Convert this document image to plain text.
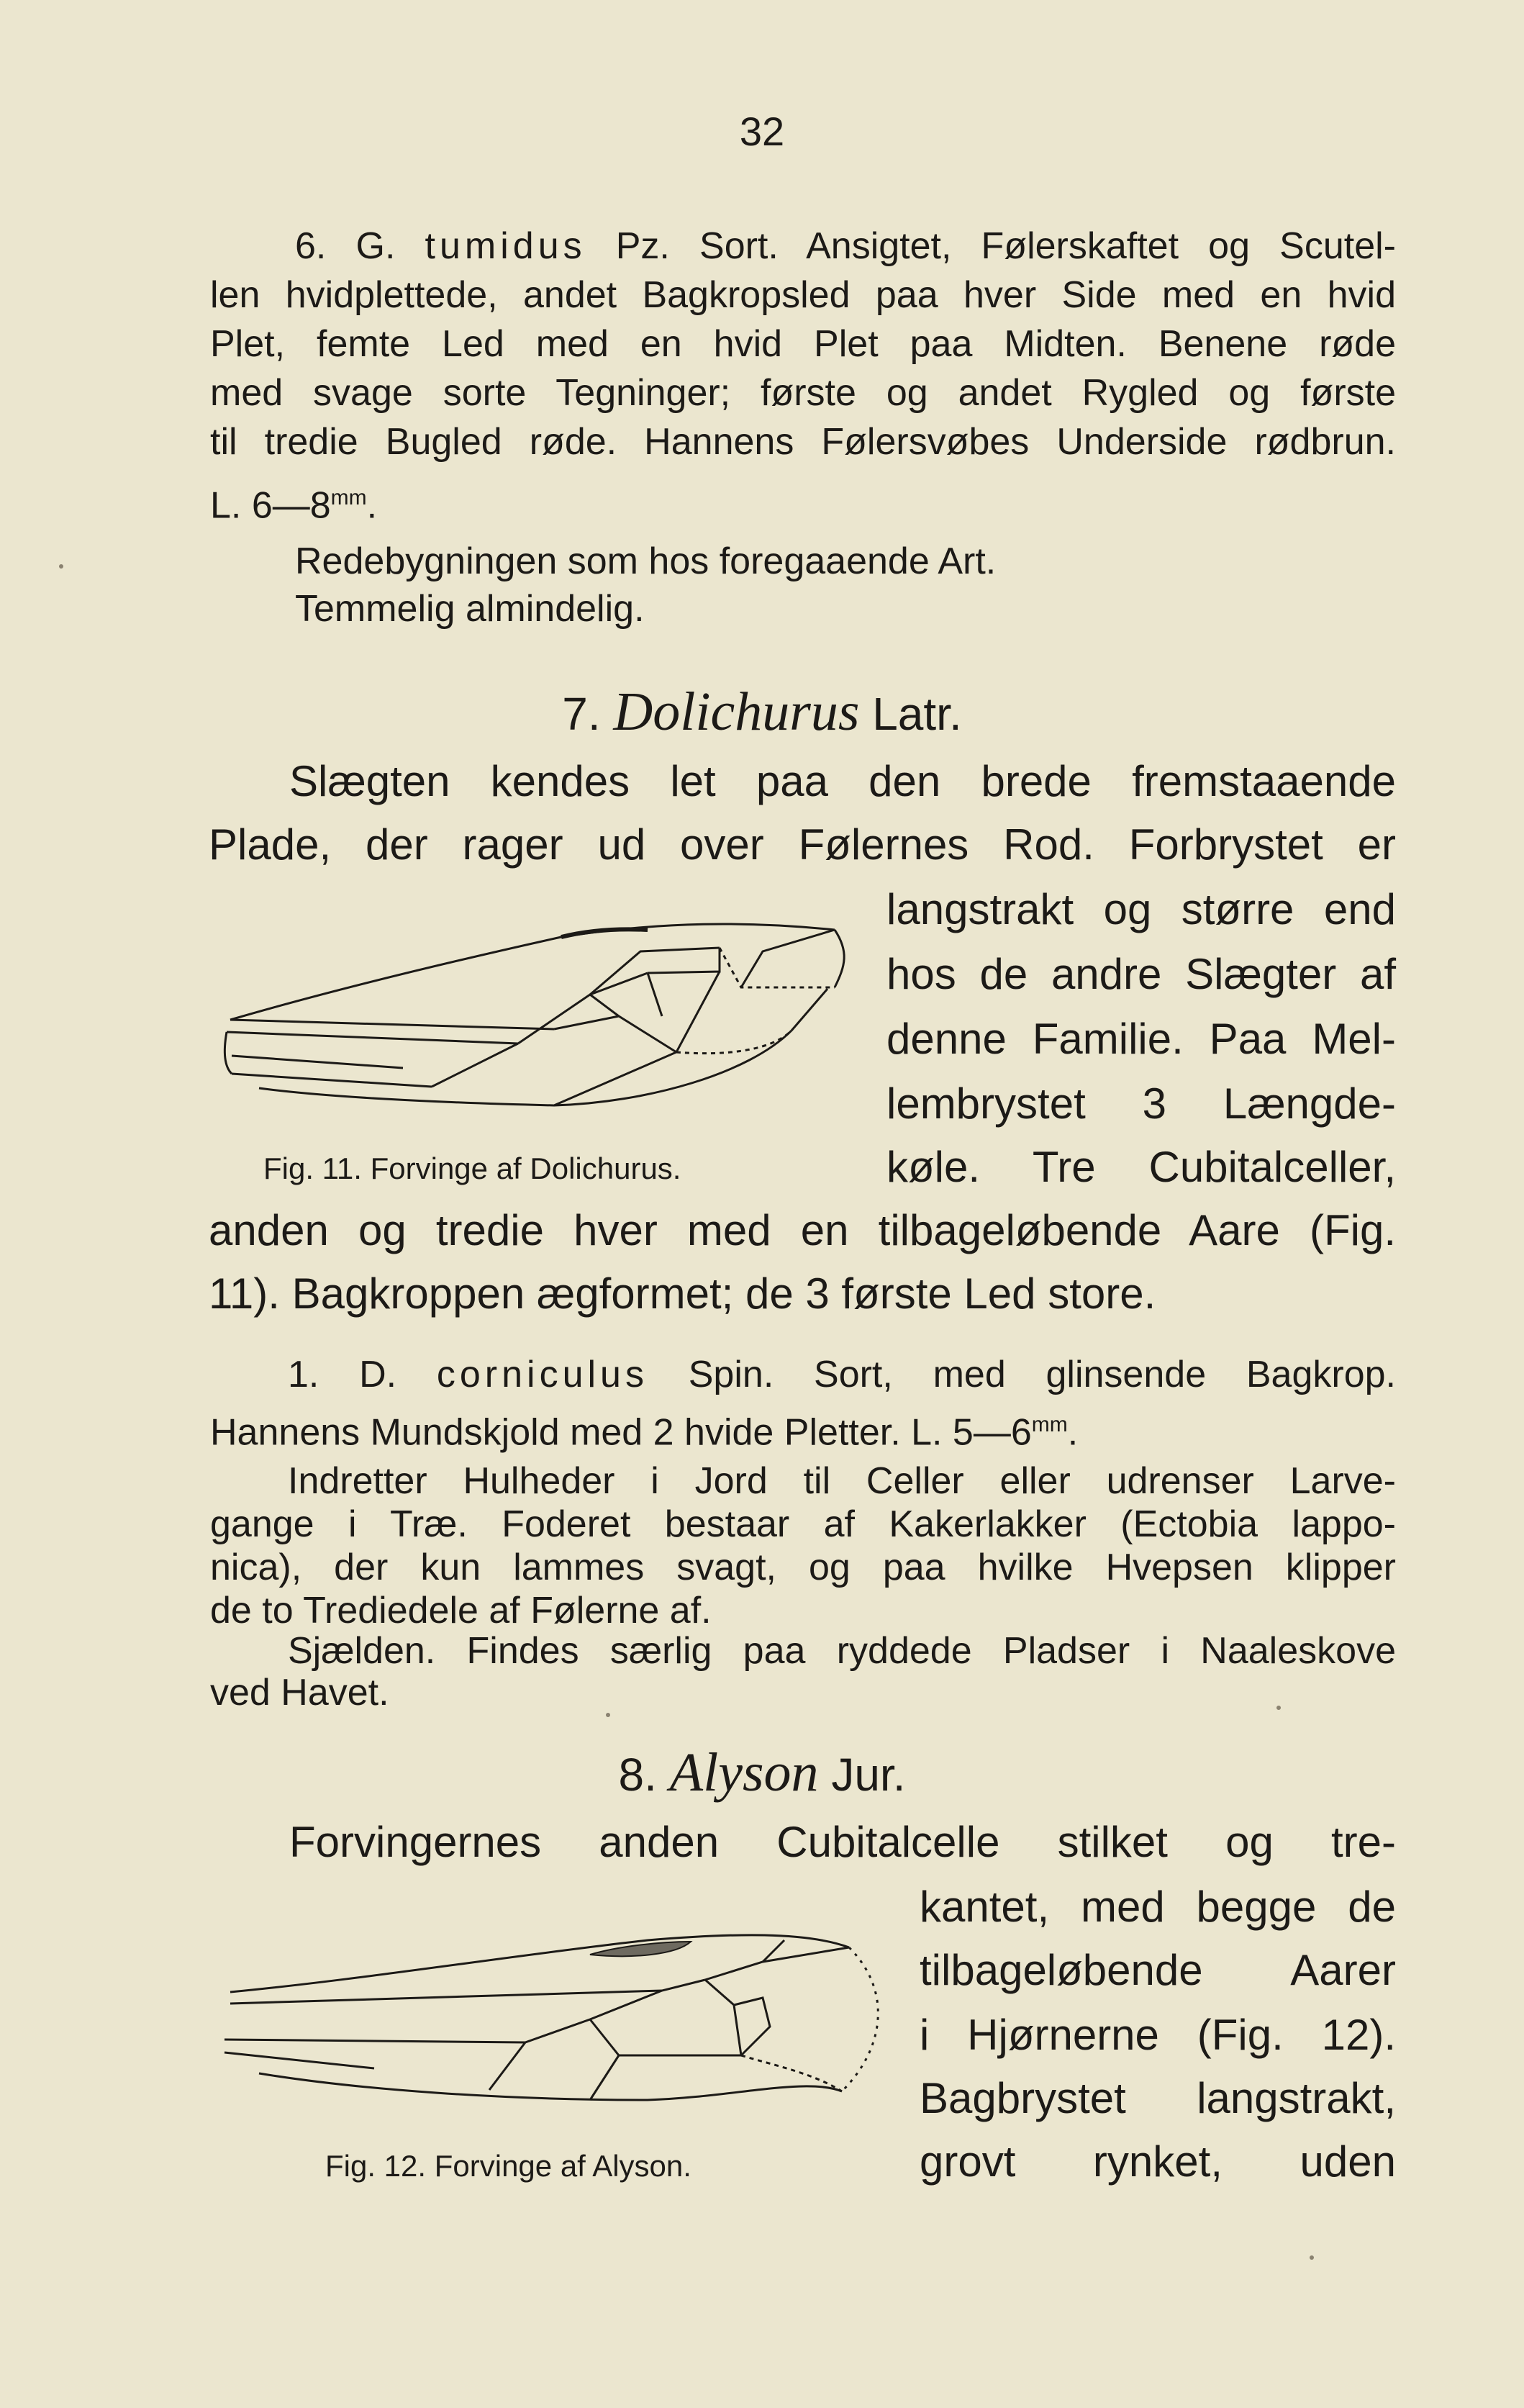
32
6. G. tumidus Pz. Sort. Ansigtet, Følerskaftet og Scutel-
len hvidplettede, andet Bagkropsled paa hver Side med en hvid
Plet, femte Led med en hvid Plet paa Midten. Benene røde
med svage sorte Tegninger; første og andet Rygled og første
til tredie Bugled røde. Hannens Følersvøbes Underside rødbrun.
L. $6—8^{mm}$.
Redebygningen som hos foregaaende Art.
Temmelig almindelig.
7. Dolichurus Latr.
Slægten kendes let paa den brede fremstaaende
Plade, der rager ud over Følernes Rod. Forbrystet er
langstrakt og større end
hos de andre Slægter af
denne Familie. Paa Mel-
lembrystet 3 Længde-
køle. Tre Cubitalceller,
anden og tredie hver med en tilbageløbende Aare (Fig.
11). Bagkroppen ægformet; de 3 første Led store.
Fig. 11. Forvinge af Dolichurus.
1. D. corniculus Spin. Sort, med glinsende Bagkrop.
Hannens Mundskjold med 2 hvide Pletter. L. $5—6^{mm}$.
Indretter Hulheder i Jord til Celler eller udrenser Larve-
gange i Træ. Foderet bestaar af Kakerlakker (Ectobia lappo-
nica), der kun lammes svagt, og paa hvilke Hvepsen klipper
de to Trediedele af Følerne af.
Sjælden. Findes særlig paa ryddede Pladser i Naaleskove
ved Havet.
8. Alyson Jur.
Forvingernes anden Cubitalcelle stilket og tre-
kantet, med begge de
tilbageløbende Aarer
i Hjørnerne (Fig. 12).
Bagbrystet langstrakt,
grovt rynket, uden
Fig. 12. Forvinge af Alyson.
